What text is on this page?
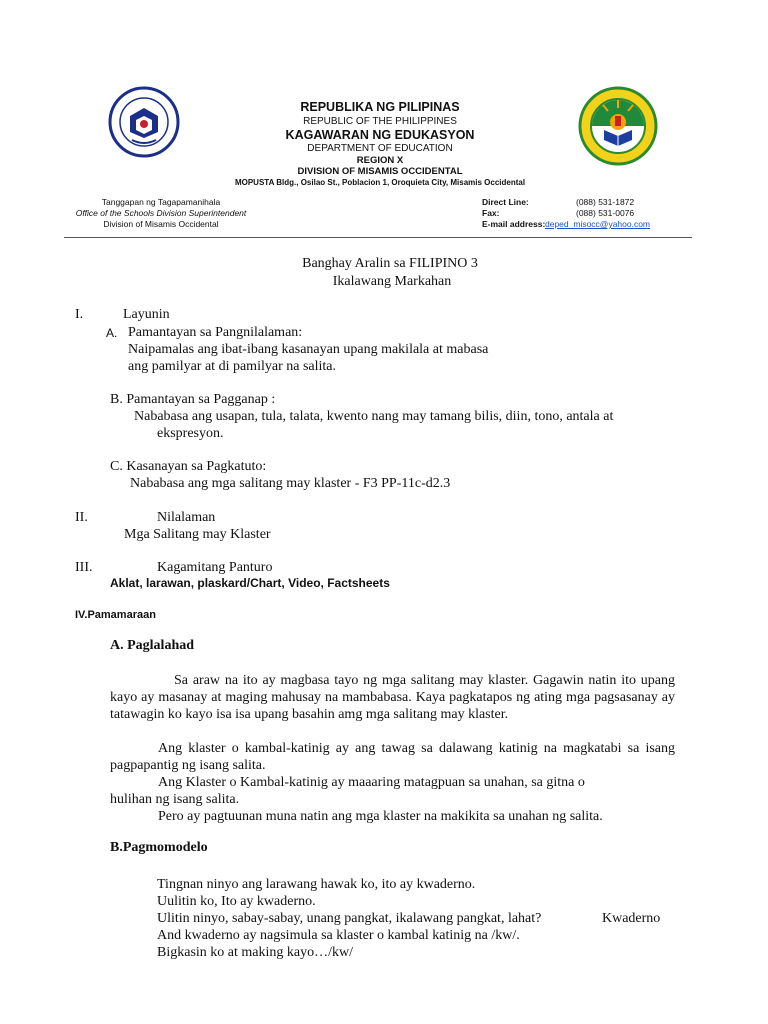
REPUBLIKA NG PILIPINAS
REPUBLIC OF THE PHILIPPINES
KAGAWARAN NG EDUKASYON
DEPARTMENT OF EDUCATION
REGION X
DIVISION OF MISAMIS OCCIDENTAL
MOPUSTA Bldg., Osilao St., Poblacion 1, Oroquieta City, Misamis Occidental
Tanggapan ng Tagapamanihala
Office of the Schools Division Superintendent
Division of Misamis Occidental
Direct Line:	(088) 531-1872
Fax:	(088) 531-0076
E-mail address: deped_misocc@yahoo.com
Banghay Aralin sa FILIPINO 3
Ikalawang Markahan
I.	Layunin
A. Pamantayan sa Pangnilalaman:
Naipamalas ang ibat-ibang kasanayan upang makilala at mabasa
ang pamilyar at di pamilyar na salita.
B. Pamantayan sa Pagganap :
Nababasa ang usapan, tula, talata, kwento nang may tamang bilis, diin, tono, antala at
ekspresyon.
C. Kasanayan sa Pagkatuto:
Nababasa ang mga salitang may klaster - F3 PP-11c-d2.3
II.	Nilalaman
Mga Salitang may Klaster
III.	Kagamitang Panturo
Aklat, larawan, plaskard/Chart, Video, Factsheets
IV.Pamamaraan
A. Paglalahad
Sa araw na ito ay magbasa tayo ng mga salitang may klaster. Gagawin natin ito upang kayo ay masanay at maging mahusay na mambabasa. Kaya pagkatapos ng ating mga pagsasanay ay tatawagin ko kayo isa isa upang basahin amg mga salitang may klaster.
Ang klaster o kambal-katinig ay ang tawag sa dalawang katinig na magkatabi sa isang pagpapantig ng isang salita.
Ang Klaster o Kambal-katinig ay maaaring matagpuan sa unahan, sa gitna o
hulihan ng isang salita.
Pero ay pagtuunan muna natin ang mga klaster na makikita sa unahan ng salita.
B.Pagmomodelo
Tingnan ninyo ang larawang hawak ko, ito ay kwaderno.
Uulitin ko, Ito ay kwaderno.
Ulitin ninyo, sabay-sabay, unang pangkat, ikalawang pangkat, lahat?	Kwaderno
And kwaderno ay nagsimula sa klaster o kambal katinig na /kw/.
Bigkasin ko at making kayo…/kw/
